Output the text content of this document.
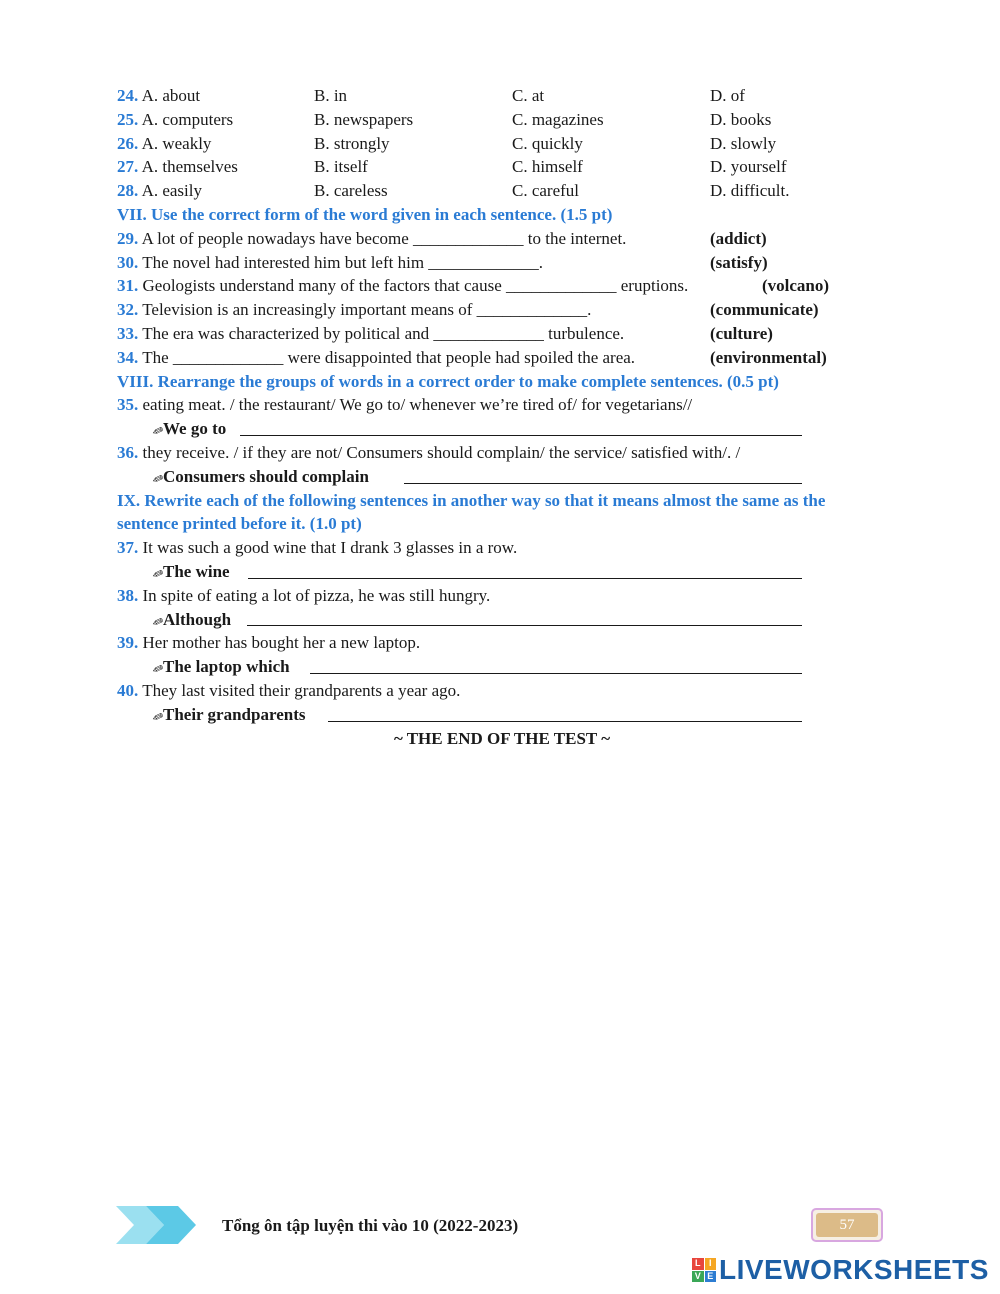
24. A. about	B. in	C. at	D. of
25. A. computers	B. newspapers	C. magazines	D. books
26. A. weakly	B. strongly	C. quickly	D. slowly
27. A. themselves	B. itself	C. himself	D. yourself
28. A. easily	B. careless	C. careful	D. difficult.
VII. Use the correct form of the word given in each sentence. (1.5 pt)
29. A lot of people nowadays have become _____________ to the internet.	(addict)
30. The novel had interested him but left him _____________.	(satisfy)
31. Geologists understand many of the factors that cause _____________ eruptions.	(volcano)
32. Television is an increasingly important means of _____________.	(communicate)
33. The era was characterized by political and _____________ turbulence.	(culture)
34. The _____________ were disappointed that people had spoiled the area.	(environmental)
VIII. Rearrange the groups of words in a correct order to make complete sentences. (0.5 pt)
35. eating meat. / the restaurant/ We go to/ whenever we’re tired of/ for vegetarians//
✎We go to
36. they receive. / if they are not/ Consumers should complain/ the service/ satisfied with/. /
✎Consumers should complain
IX. Rewrite each of the following sentences in another way so that it means almost the same as the sentence printed before it. (1.0 pt)
37. It was such a good wine that I drank 3 glasses in a row.
✎The wine
38. In spite of eating a lot of pizza, he was still hungry.
✎Although
39. Her mother has bought her a new laptop.
✎The laptop which
40. They last visited their grandparents a year ago.
✎Their grandparents
~ THE END OF THE TEST ~
Tổng ôn tập luyện thi vào 10 (2022-2023)	57
L I
V E LIVEWORKSHEETS
